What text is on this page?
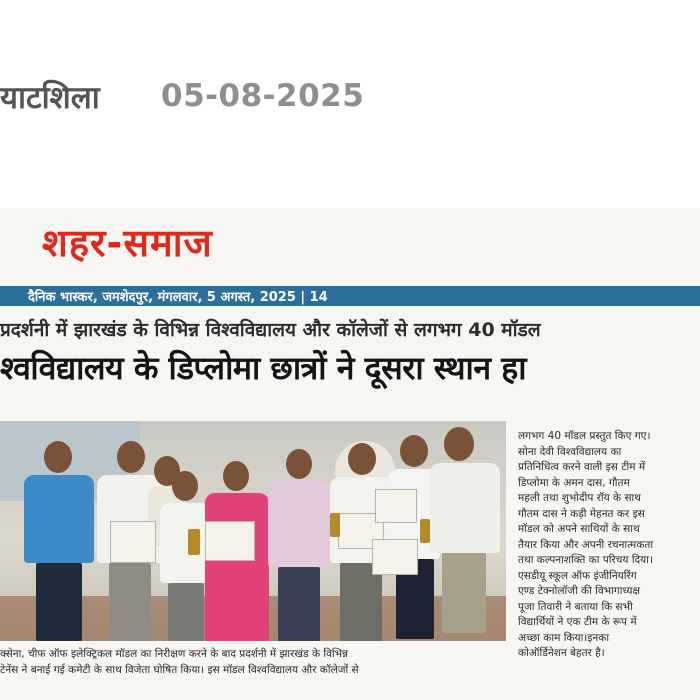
याटशिला 05-08-2025
शहर-समाज
दैनिक भास्कर, जमशेदपुर, मंगलवार, 5 अगस्त, 2025 | 14
प्रदर्शनी में झारखंड के विभिन्न विश्वविद्यालय और कॉलेजों से लगभग 40 मॉडल
श्वविद्यालय के डिप्लोमा छात्रों ने दूसरा स्थान हा
लगभग 40 मॉडल प्रस्तुत किए गए।
सोना देवी विश्वविद्यालय का
प्रतिनिधित्व करने वाली इस टीम में
डिप्लोमा के अमन दास, गौतम
महली तथा शुभोदीप रॉय के साथ
गौतम दास ने कड़ी मेहनत कर इस
मॉडल को अपने साथियों के साथ
तैयार किया और अपनी रचनात्मकता
तथा कल्पनाशक्ति का परिचय दिया।
एसडीयू स्कूल ऑफ इंजीनियरिंग
एण्ड टेक्नोलॉजी की विभागाध्यक्ष
पूजा तिवारी ने बताया कि सभी
विद्यार्थियों ने एक टीम के रूप में
अच्छा काम किया।इनका
कोऑर्डिनेशन बेहतर है।
क्सेना, चीफ ऑफ इलेक्ट्रिकल मॉडल का निरीक्षण करने के बाद प्रदर्शनी में झारखंड के विभिन्न
टेनेंस ने बनाई गई कमेटी के साथ विजेता घोषित किया। इस मॉडल विश्वविद्यालय और कॉलेजों से
